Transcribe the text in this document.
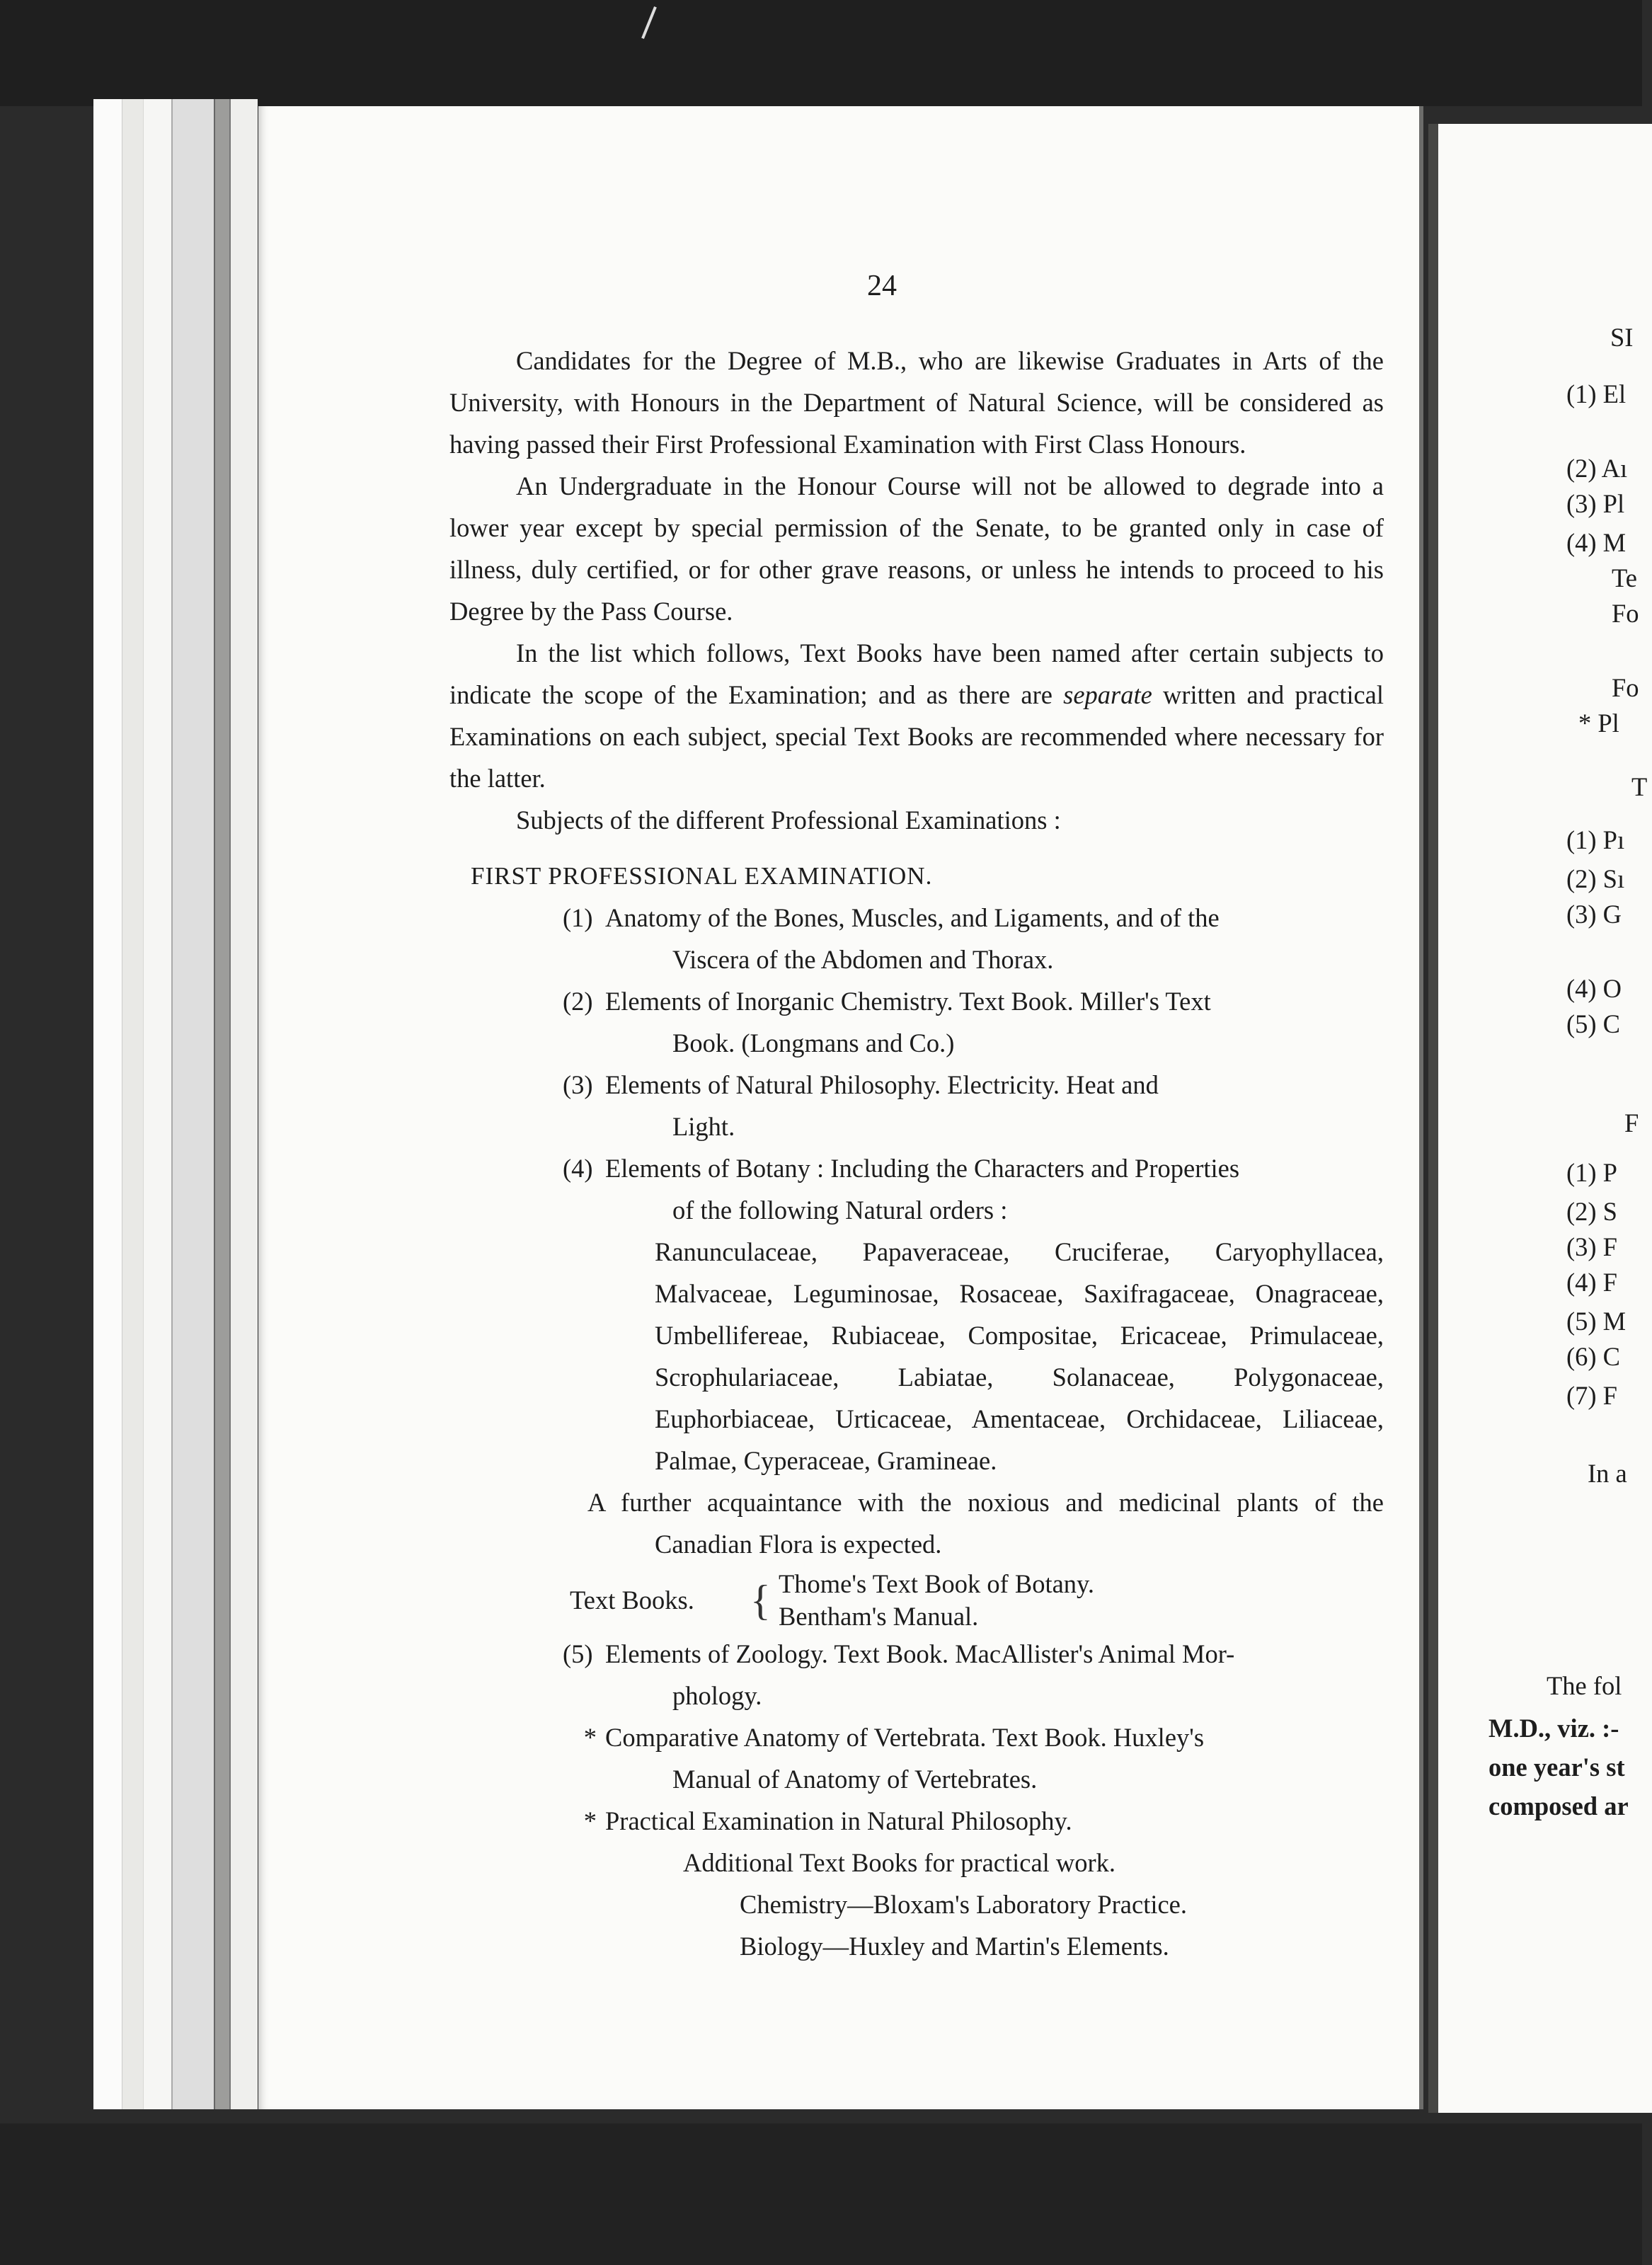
24

Candidates for the Degree of M.B., who are likewise Graduates in Arts of the University, with Honours in the Department of Natural Science, will be considered as having passed their First Professional Examination with First Class Honours.

An Undergraduate in the Honour Course will not be allowed to degrade into a lower year except by special permission of the Senate, to be granted only in case of illness, duly certified, or for other grave reasons, or unless he intends to proceed to his Degree by the Pass Course.

In the list which follows, Text Books have been named after certain subjects to indicate the scope of the Examination; and as there are separate written and practical Examinations on each subject, special Text Books are recommended where necessary for the latter.

Subjects of the different Professional Examinations :

FIRST PROFESSIONAL EXAMINATION.

(1) Anatomy of the Bones, Muscles, and Ligaments, and of the
Viscera of the Abdomen and Thorax.
(2) Elements of Inorganic Chemistry. Text Book. Miller's Text
Book. (Longmans and Co.)
(3) Elements of Natural Philosophy. Electricity. Heat and
Light.
(4) Elements of Botany : Including the Characters and Properties
of the following Natural orders :

Ranunculaceae, Papaveraceae, Cruciferae, Caryophyllacea, Malvaceae, Leguminosae, Rosaceae, Saxifragaceae, Onagraceae, Umbellifereae, Rubiaceae, Compositae, Ericaceae, Primulaceae, Scrophulariaceae, Labiatae, Solanaceae, Polygonaceae, Euphorbiaceae, Urticaceae, Amentaceae, Orchidaceae, Liliaceae, Palmae, Cyperaceae, Gramineae.

A further acquaintance with the noxious and medicinal plants of the Canadian Flora is expected.

Text Books.	{ Thome's Text Book of Botany.
Bentham's Manual.
(5) Elements of Zoology. Text Book. MacAllister's Animal Mor-
phology.
* Comparative Anatomy of Vertebrata. Text Book. Huxley's
Manual of Anatomy of Vertebrates.
* Practical Examination in Natural Philosophy.

Additional Text Books for practical work.

Chemistry—Bloxam's Laboratory Practice.

Biology—Huxley and Martin's Elements.

SI
(1) El
(2) Aı
(3) Pl
(4) M
Te
Fo
Fo
* Pl
T
(1) Pı
(2) Sı
(3) G
(4) O
(5) C
F
(1) P
(2) S
(3) F
(4) F
(5) M
(6) C
(7) F
In a
The fol
M.D., viz. :-
one year's st
composed ar
